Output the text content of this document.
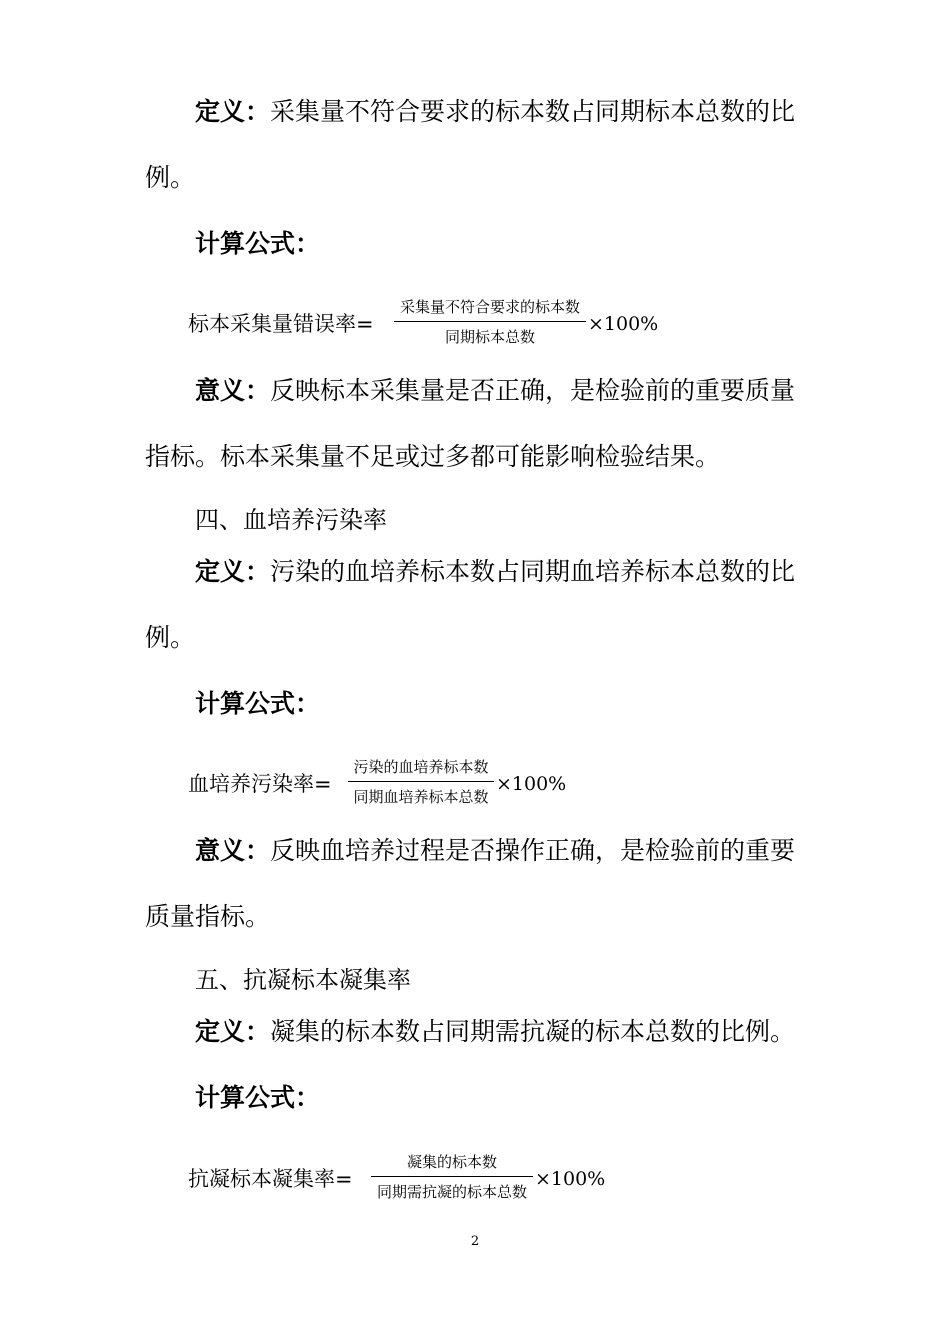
定义：采集量不符合要求的标本数占同期标本总数的比
例。
计算公式：
标本采集量错误率=
采集量不符合要求的标本数
同期标本总数
×100%
意义：反映标本采集量是否正确，是检验前的重要质量
指标。标本采集量不足或过多都可能影响检验结果。
四、血培养污染率
定义：污染的血培养标本数占同期血培养标本总数的比
例。
计算公式：
血培养污染率=
污染的血培养标本数
同期血培养标本总数
×100%
意义：反映血培养过程是否操作正确，是检验前的重要
质量指标。
五、抗凝标本凝集率
定义：凝集的标本数占同期需抗凝的标本总数的比例。
计算公式：
抗凝标本凝集率=
凝集的标本数
同期需抗凝的标本总数
×100%
2
